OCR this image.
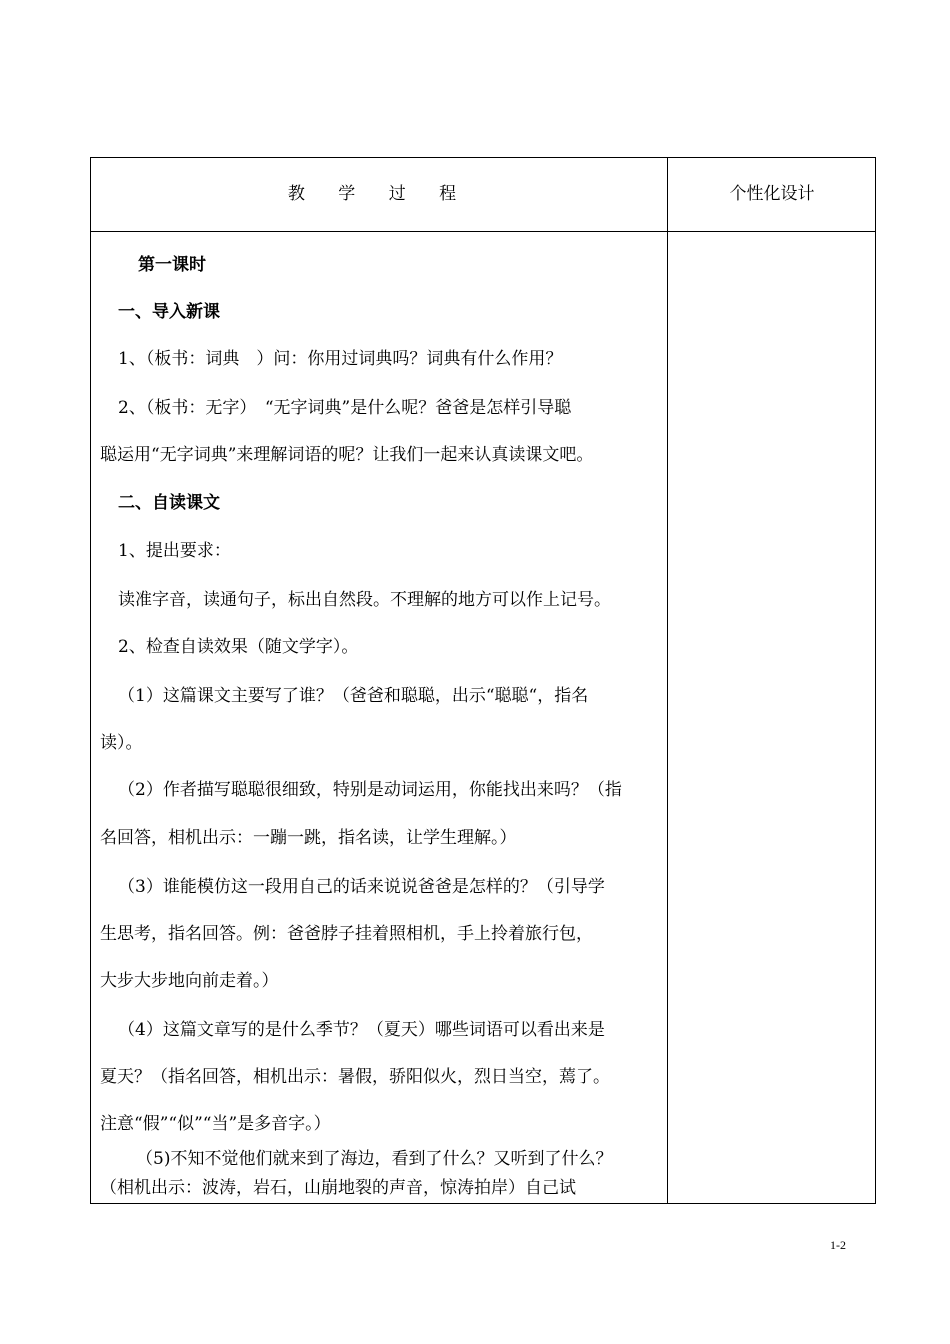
教 学 过 程	个性化设计
第一课时
一、导入新课
1、（板书：词典　）问：你用过词典吗？词典有什么作用？
2、（板书：无字）　“无字词典”是什么呢？爸爸是怎样引导聪
聪运用“无字词典”来理解词语的呢？让我们一起来认真读课文吧。
二、自读课文
1、提出要求：
读准字音，读通句子，标出自然段。不理解的地方可以作上记号。
2、检查自读效果（随文学字）。
（1）这篇课文主要写了谁？（爸爸和聪聪，出示“聪聪“，指名
读）。
（2）作者描写聪聪很细致，特别是动词运用，你能找出来吗？（指
名回答，相机出示：一蹦一跳，指名读，让学生理解。）
（3）谁能模仿这一段用自己的话来说说爸爸是怎样的？（引导学
生思考，指名回答。例：爸爸脖子挂着照相机，手上拎着旅行包，
大步大步地向前走着。）
（4）这篇文章写的是什么季节？（夏天）哪些词语可以看出来是
夏天？（指名回答，相机出示：暑假，骄阳似火，烈日当空，蔫了。
注意“假”“似”“当”是多音字。）
（5)不知不觉他们就来到了海边，看到了什么？又听到了什么？
（相机出示：波涛，岩石，山崩地裂的声音，惊涛拍岸）自己试
1-2
